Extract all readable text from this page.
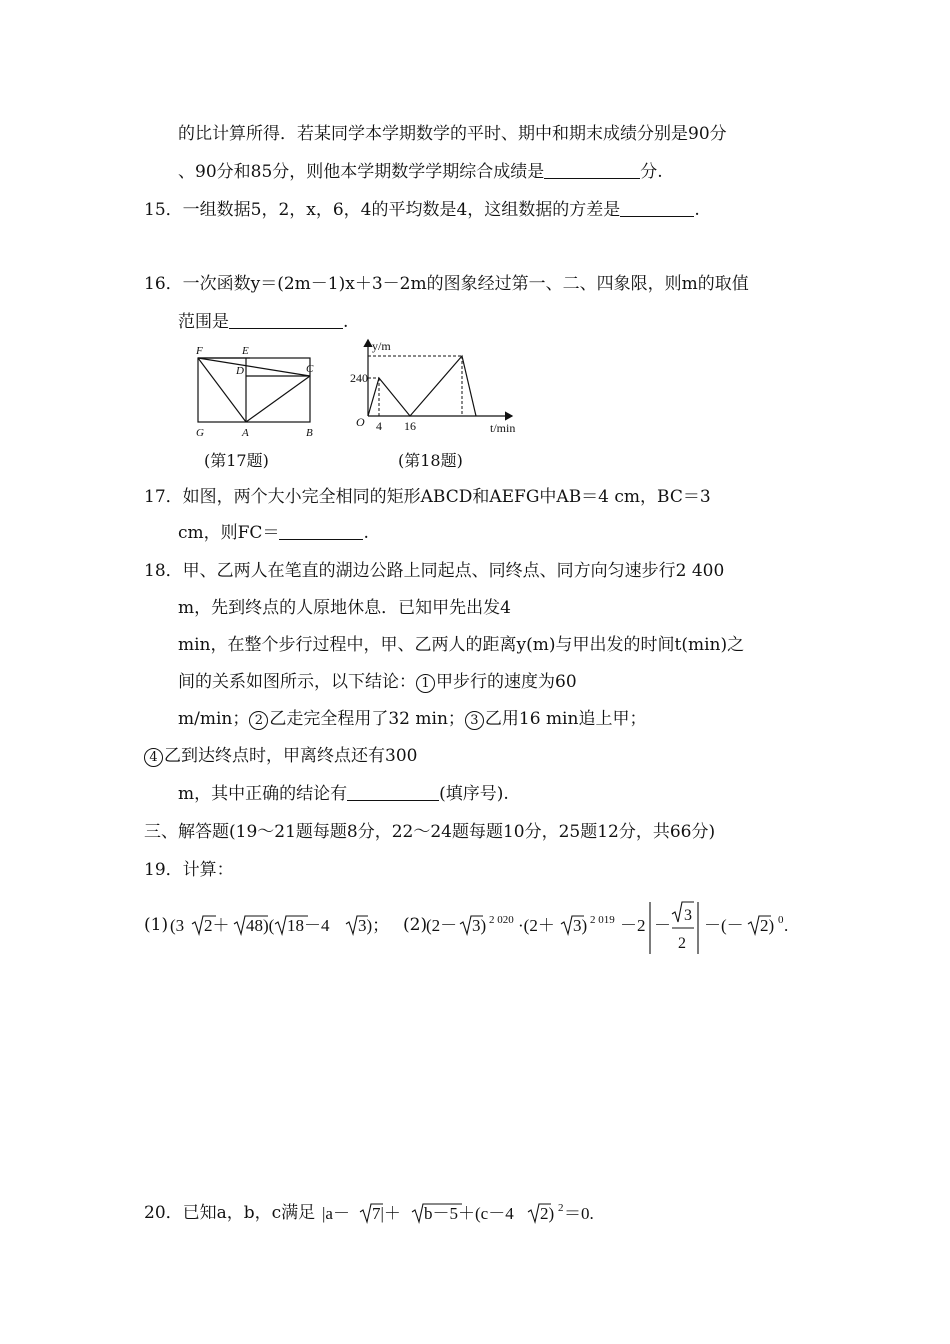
的比计算所得．若某同学本学期数学的平时、期中和期末成绩分别是90分
、90分和85分，则他本学期数学学期综合成绩是	分.
15．一组数据5，2，x，6，4的平均数是4，这组数据的方差是	.
16．一次函数y＝(2m－1)x＋3－2m的图象经过第一、二、四象限，则m的取值
范围是	.
F	E
D	C
G	A	B
(第17题)
y/m
t/min
O
240
4 16
(第18题)
17．如图，两个大小完全相同的矩形ABCD和AEFG中AB＝4 cm，BC＝3
cm，则FC＝	.
18．甲、乙两人在笔直的湖边公路上同起点、同终点、同方向匀速步行2 400
m，先到终点的人原地休息．已知甲先出发4
min，在整个步行过程中，甲、乙两人的距离y(m)与甲出发的时间t(min)之
间的关系如图所示，以下结论： 1 甲步行的速度为60
m/min； 2 乙走完全程用了32 min； 3 乙用16 min追上甲；
4 乙到达终点时，甲离终点还有300
m，其中正确的结论有	(填序号).
三、解答题(19～21题每题8分，22～24题每题10分，25题12分，共66分)
19．计算：
(1) (3 2＋ 48)( 18－4 3)； (2)
(2－ 3) 2 020 ·(2＋ 3) 2 019 －2 －
3
2
－(－ 2) 0 .
20．已知a，b，c满足 |a－ 7|＋ b－5＋(c－4 2) 2 ＝0.
